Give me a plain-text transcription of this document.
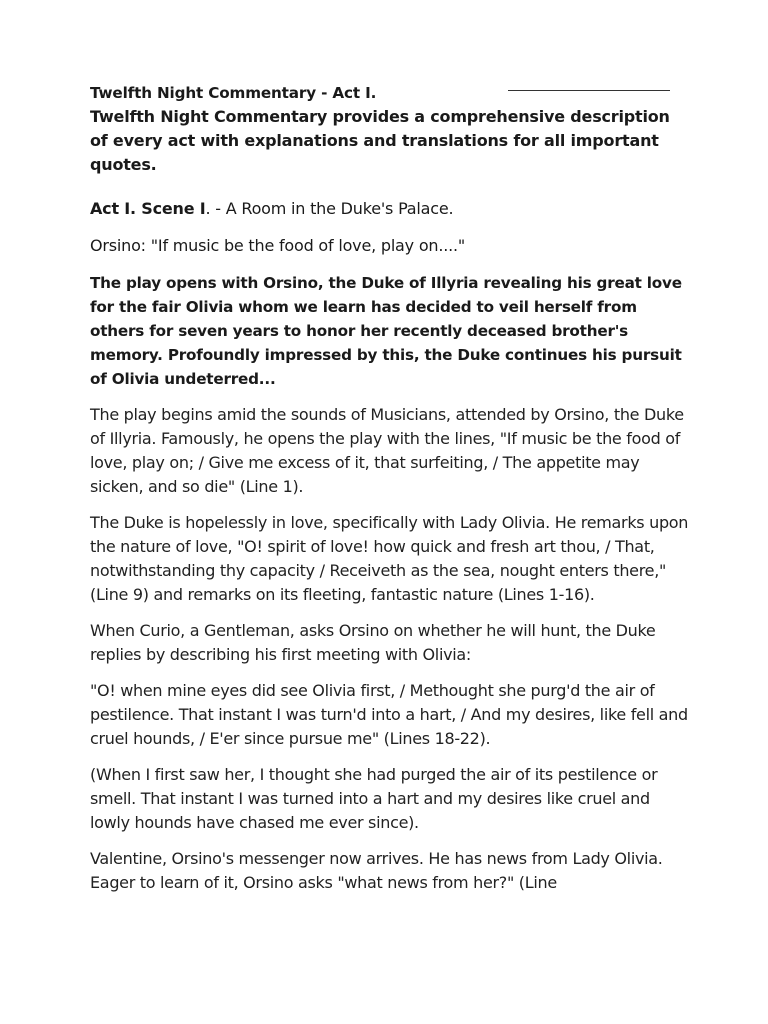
Twelfth Night Commentary - Act I.

Twelfth Night Commentary provides a comprehensive description of every act with explanations and translations for all important quotes.

Act I. Scene I. - A Room in the Duke's Palace.

Orsino: "If music be the food of love, play on...."

The play opens with Orsino, the Duke of Illyria revealing his great love for the fair Olivia whom we learn has decided to veil herself from others for seven years to honor her recently deceased brother's memory. Profoundly impressed by this, the Duke continues his pursuit of Olivia undeterred...

The play begins amid the sounds of Musicians, attended by Orsino, the Duke of Illyria. Famously, he opens the play with the lines, "If music be the food of love, play on; / Give me excess of it, that surfeiting, / The appetite may sicken, and so die" (Line 1).

The Duke is hopelessly in love, specifically with Lady Olivia. He remarks upon the nature of love, "O! spirit of love! how quick and fresh art thou, / That, notwithstanding thy capacity / Receiveth as the sea, nought enters there," (Line 9) and remarks on its fleeting, fantastic nature (Lines 1-16).

When Curio, a Gentleman, asks Orsino on whether he will hunt, the Duke replies by describing his first meeting with Olivia:

"O! when mine eyes did see Olivia first, / Methought she purg'd the air of pestilence. That instant I was turn'd into a hart, / And my desires, like fell and cruel hounds, / E'er since pursue me" (Lines 18-22).

(When I first saw her, I thought she had purged the air of its pestilence or smell. That instant I was turned into a hart and my desires like cruel and lowly hounds have chased me ever since).

Valentine, Orsino's messenger now arrives. He has news from Lady Olivia. Eager to learn of it, Orsino asks "what news from her?" (Line
